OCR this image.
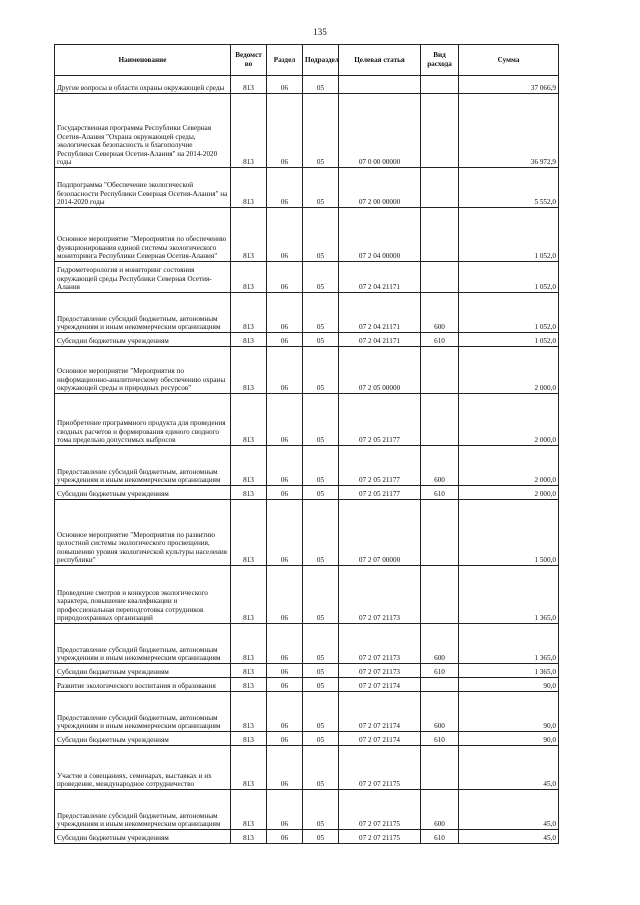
135
Наименование	Ведомст во	Раздел	Подраздел	Целевая статья	Вид расхода	Сумма

Другие вопросы в области охраны окружающей среды	813	06	05			37 066,9

Государственная программа Республики Северная Осетия-Алания "Охрана окружающей среды, экологическая безопасность и благополучие Республики Северная Осетия-Алания" на 2014-2020 годы	813	06	05	07 0 00 00000		36 972,9

Подпрограмма "Обеспечение экологической безопасности Республики Северная Осетия-Алания" на 2014-2020 годы	813	06	05	07 2 00 00000		5 552,0

Основное мероприятие "Мероприятия по обеспечению функционирования единой системы экологического мониторинга Республики Северная Осетия-Алания"	813	06	05	07 2 04 00000		1 052,0

Гидрометеорология и мониторинг состояния окружающей среды Республики Северная Осетия-Алания	813	06	05	07 2 04 21171		1 052,0

Предоставление субсидий бюджетным, автономным учреждениям и иным некоммерческим организациям	813	06	05	07 2 04 21171	600	1 052,0

Субсидии бюджетным учреждениям	813	06	05	07 2 04 21171	610	1 052,0

Основное мероприятие "Мероприятия по информационно-аналитическому обеспечению охраны окружающей среды и природных ресурсов"	813	06	05	07 2 05 00000		2 000,0

Приобретение программного продукта для проведения сводных расчетов и формирования единого сводного тома предельно допустимых выбросов	813	06	05	07 2 05 21177		2 000,0

Предоставление субсидий бюджетным, автономным учреждениям и иным некоммерческим организациям	813	06	05	07 2 05 21177	600	2 000,0

Субсидии бюджетным учреждениям	813	06	05	07 2 05 21177	610	2 000,0

Основное мероприятие "Мероприятия по развитию целостной системы экологического просвещения, повышению уровня экологической культуры населения республики"	813	06	05	07 2 07 00000		1 500,0

Проведение смотров и конкурсов экологического характера, повышение квалификации и профессиональная переподготовка сотрудников природоохранных организаций	813	06	05	07 2 07 21173		1 365,0

Предоставление субсидий бюджетным, автономным учреждениям и иным некоммерческим организациям	813	06	05	07 2 07 21173	600	1 365,0

Субсидии бюджетным учреждениям	813	06	05	07 2 07 21173	610	1 365,0

Развитие экологического воспитания и образования	813	06	05	07 2 07 21174		90,0

Предоставление субсидий бюджетным, автономным учреждениям и иным некоммерческим организациям	813	06	05	07 2 07 21174	600	90,0

Субсидии бюджетным учреждениям	813	06	05	07 2 07 21174	610	90,0

Участие в совещаниях, семинарах, выставках и их проведение, международное сотрудничество	813	06	05	07 2 07 21175		45,0

Предоставление субсидий бюджетным, автономным учреждениям и иным некоммерческим организациям	813	06	05	07 2 07 21175	600	45,0

Субсидии бюджетным учреждениям	813	06	05	07 2 07 21175	610	45,0
